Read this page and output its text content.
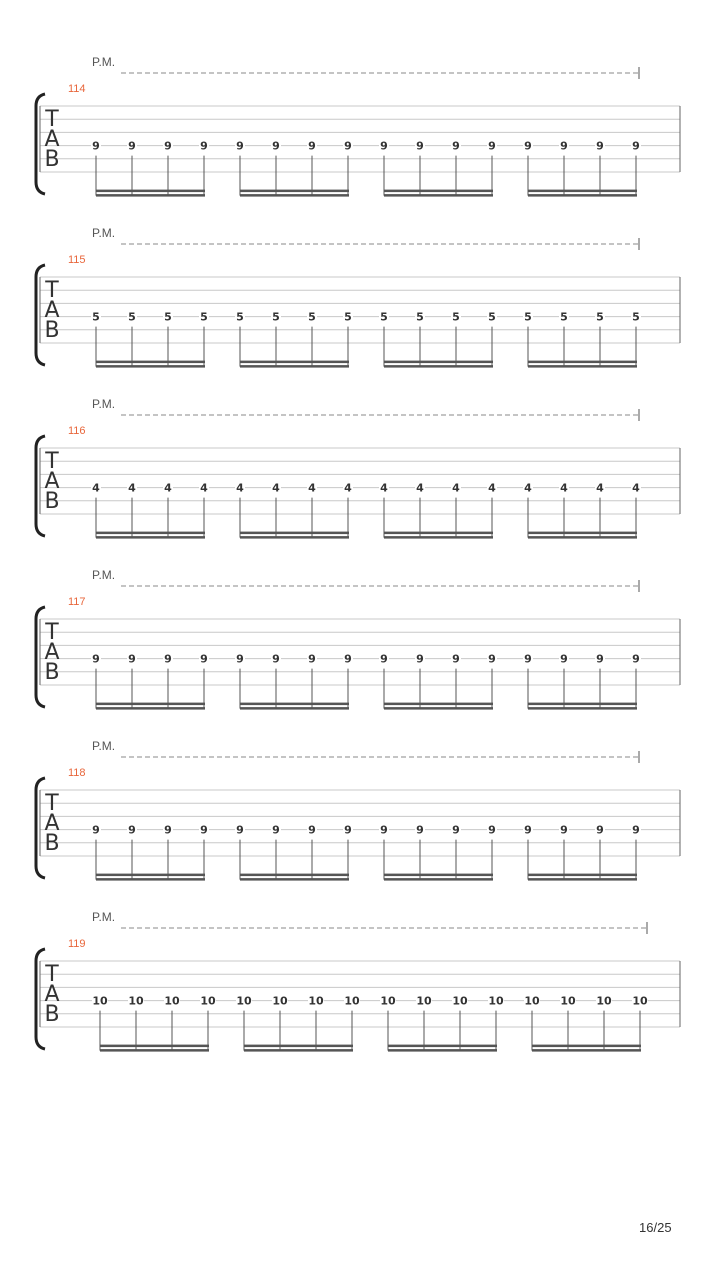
T
A
B
9	9	9	9	9	9	9	9	9	9	9	9	9	9	9	9
T
A
B
5	5	5	5	5	5	5	5	5	5	5	5	5	5	5	5
T
A
B
4	4	4	4	4	4	4	4	4	4	4	4	4	4	4	4
T
A
B
9	9	9	9	9	9	9	9	9	9	9	9	9	9	9	9
T
A
B
9	9	9	9	9	9	9	9	9	9	9	9	9	9	9	9
T
A
B
10 10 10 10 10 10 10 10 10 10 10 10 10 10 10 10
P.M.
114
P.M.
115
P.M.
116
P.M.
117
P.M.
118
P.M.
119
16/25
